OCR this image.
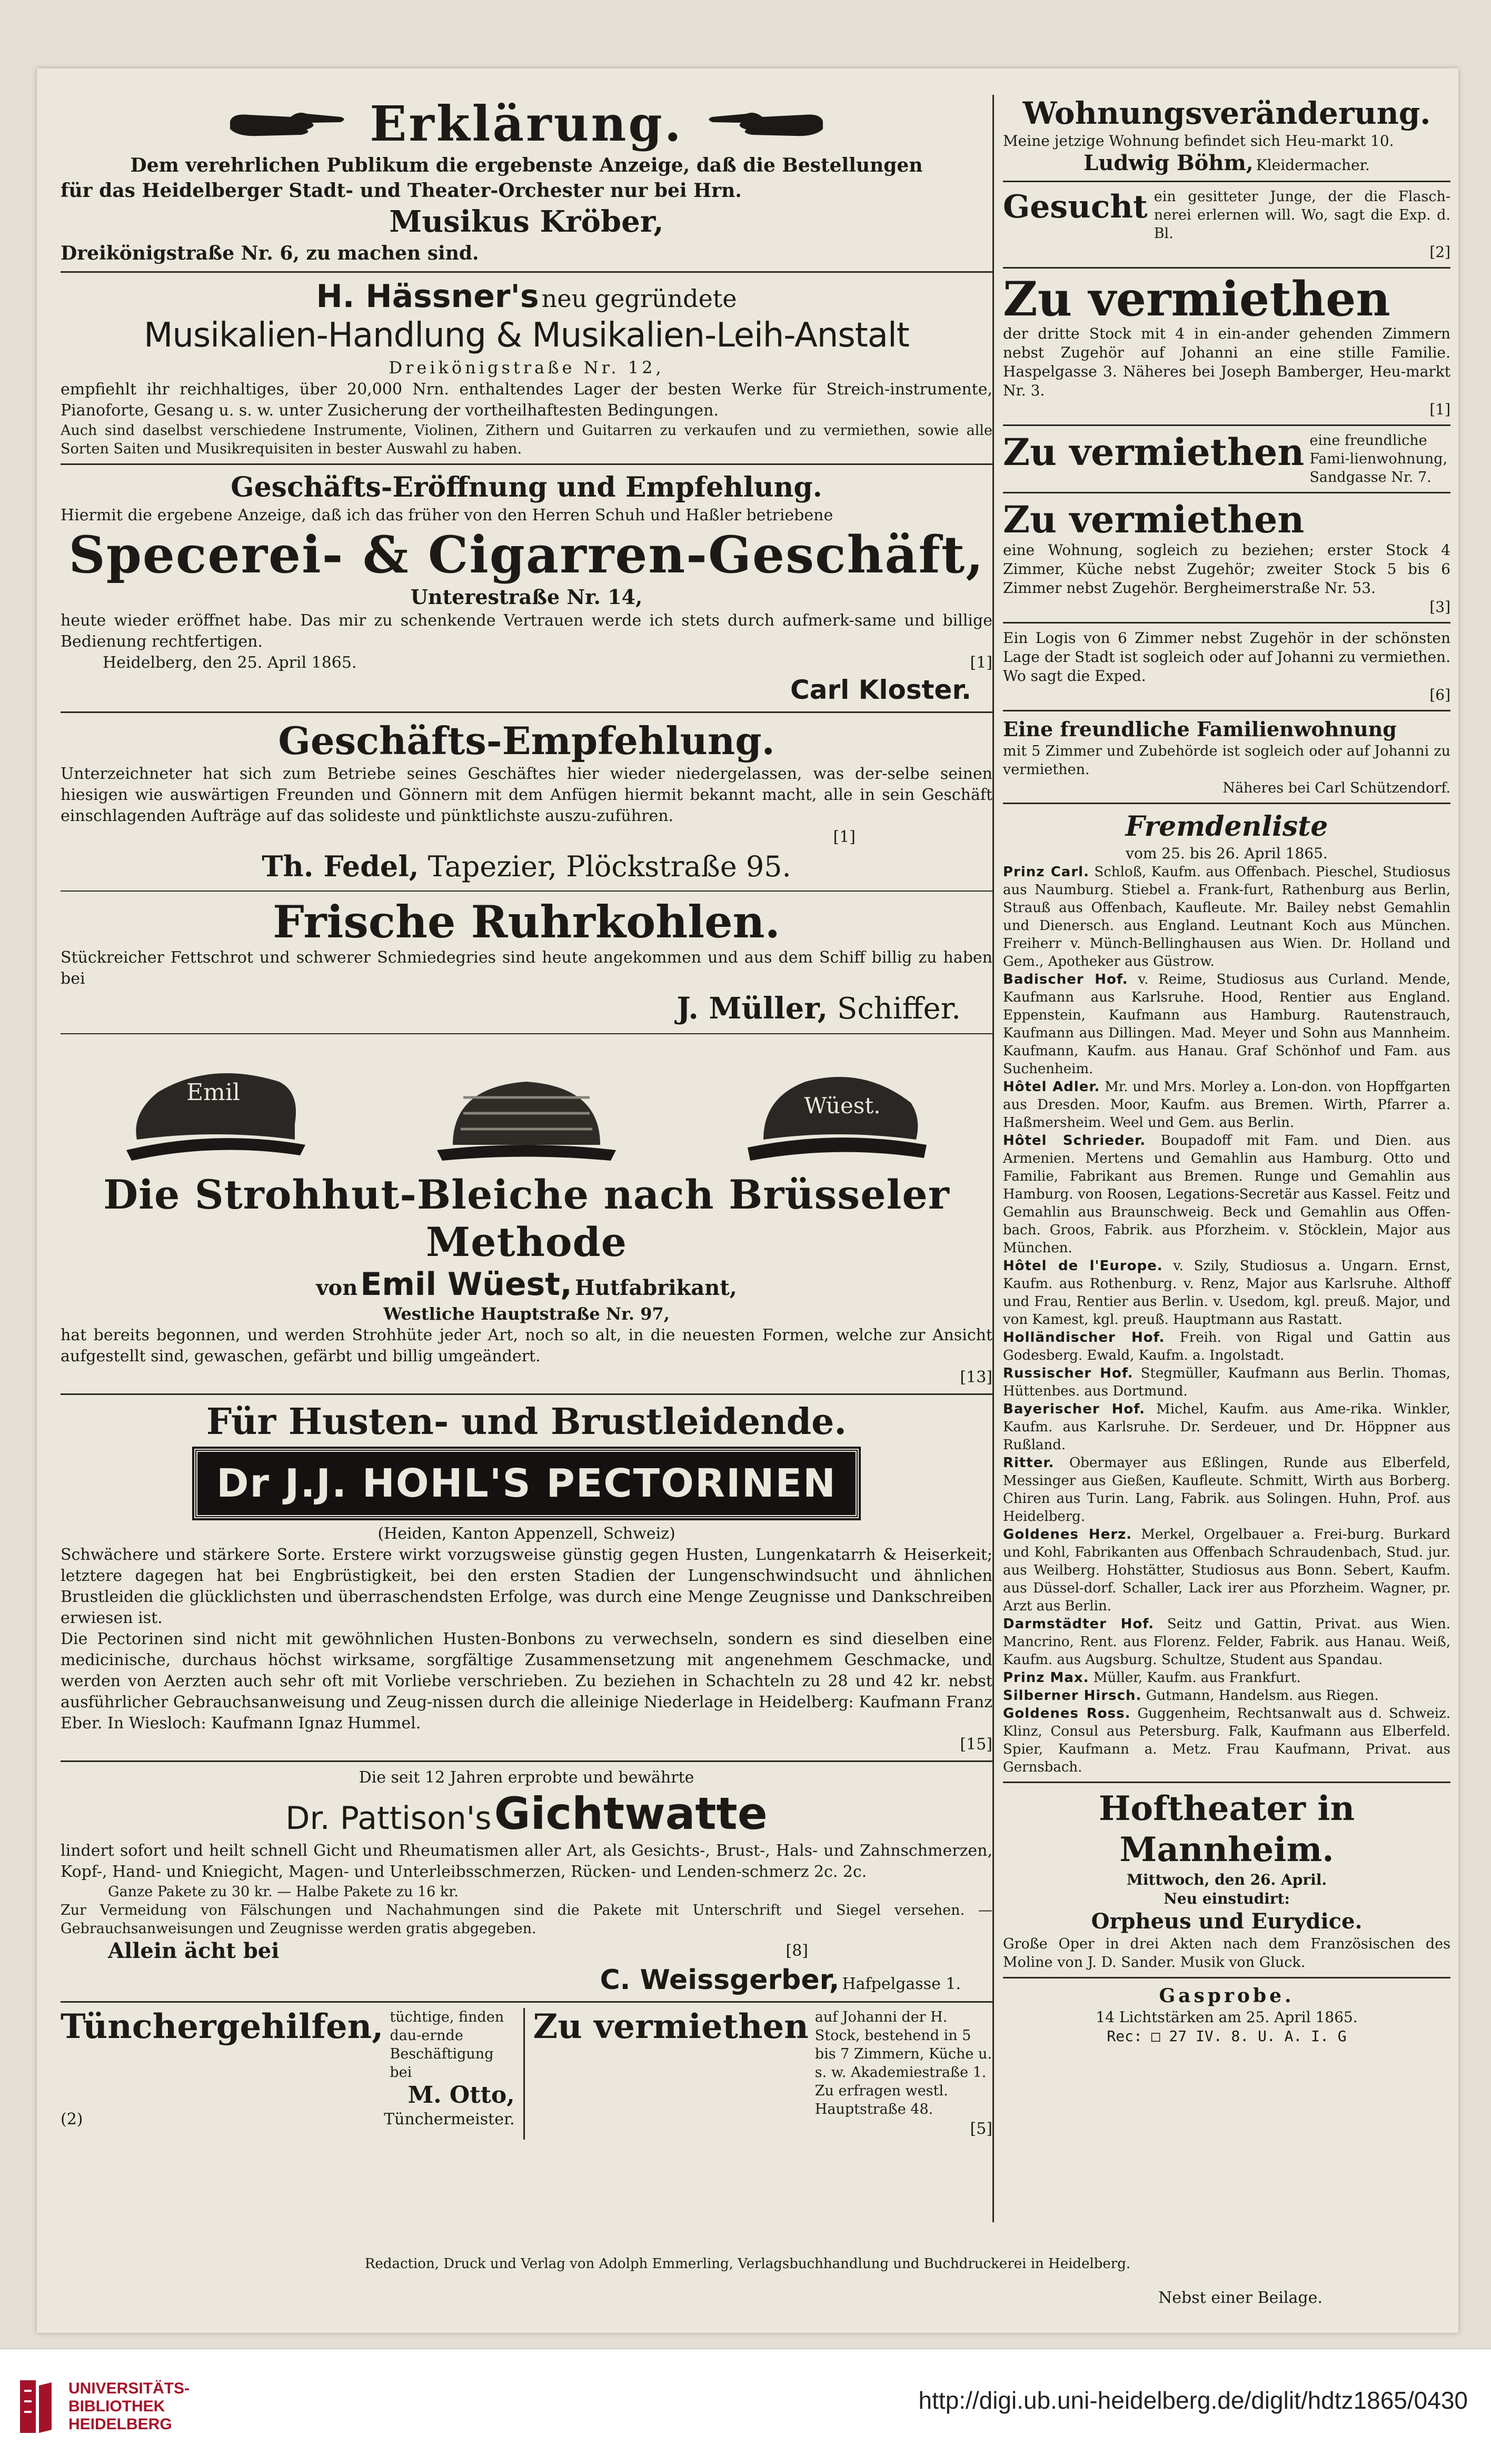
Erklärung.
Dem verehrlichen Publikum die ergebenste Anzeige, daß die Bestellungen
für das Heidelberger Stadt- und Theater-Orchester nur bei Hrn.
Musikus Kröber,
Dreikönigstraße Nr. 6, zu machen sind.
H. Hässner's neu gegründete
Musikalien-Handlung & Musikalien-Leih-Anstalt
Dreikönigstraße Nr. 12,
empfiehlt ihr reichhaltiges, über 20,000 Nrn. enthaltendes Lager der besten Werke für Streich-instrumente, Pianoforte, Gesang u. s. w. unter Zusicherung der vortheilhaftesten Bedingungen.
Auch sind daselbst verschiedene Instrumente, Violinen, Zithern und Guitarren zu verkaufen und zu vermiethen, sowie alle Sorten Saiten und Musikrequisiten in bester Auswahl zu haben.
Geschäfts-Eröffnung und Empfehlung.
Hiermit die ergebene Anzeige, daß ich das früher von den Herren Schuh und Haßler betriebene
Specerei- & Cigarren-Geschäft,
Unterestraße Nr. 14,
heute wieder eröffnet habe. Das mir zu schenkende Vertrauen werde ich stets durch aufmerk-same und billige Bedienung rechtfertigen.
Heidelberg, den 25. April 1865.	[1]
Carl Kloster.
Geschäfts-Empfehlung.
Unterzeichneter hat sich zum Betriebe seines Geschäftes hier wieder niedergelassen, was der-selbe seinen hiesigen wie auswärtigen Freunden und Gönnern mit dem Anfügen hiermit bekannt macht, alle in sein Geschäft einschlagenden Aufträge auf das solideste und pünktlichste auszu-zuführen.
[1]
Th. Fedel, Tapezier, Plöckstraße 95.
Frische Ruhrkohlen.
Stückreicher Fettschrot und schwerer Schmiedegries sind heute angekommen und aus dem Schiff billig zu haben bei
J. Müller, Schiffer.
Emil	Wüest.
Die Strohhut-Bleiche nach Brüsseler Methode
von Emil Wüest, Hutfabrikant,
Westliche Hauptstraße Nr. 97,
hat bereits begonnen, und werden Strohhüte jeder Art, noch so alt, in die neuesten Formen, welche zur Ansicht aufgestellt sind, gewaschen, gefärbt und billig umgeändert.
[13]
Für Husten- und Brustleidende.
Dr J.J. HOHL'S PECTORINEN
(Heiden, Kanton Appenzell, Schweiz)
Schwächere und stärkere Sorte. Erstere wirkt vorzugsweise günstig gegen Husten, Lungenkatarrh & Heiserkeit; letztere dagegen hat bei Engbrüstigkeit, bei den ersten Stadien der Lungenschwindsucht und ähnlichen Brustleiden die glücklichsten und überraschendsten Erfolge, was durch eine Menge Zeugnisse und Dankschreiben erwiesen ist.
Die Pectorinen sind nicht mit gewöhnlichen Husten-Bonbons zu verwechseln, sondern es sind dieselben eine medicinische, durchaus höchst wirksame, sorgfältige Zusammensetzung mit angenehmem Geschmacke, und werden von Aerzten auch sehr oft mit Vorliebe verschrieben. Zu beziehen in Schachteln zu 28 und 42 kr. nebst ausführlicher Gebrauchsanweisung und Zeug-nissen durch die alleinige Niederlage in Heidelberg: Kaufmann Franz Eber. In Wiesloch: Kaufmann Ignaz Hummel.
[15]
Die seit 12 Jahren erprobte und bewährte
Dr. Pattison's Gichtwatte
lindert sofort und heilt schnell Gicht und Rheumatismen aller Art, als Gesichts-, Brust-, Hals- und Zahnschmerzen, Kopf-, Hand- und Kniegicht, Magen- und Unterleibsschmerzen, Rücken- und Lenden-schmerz 2c. 2c.
Ganze Pakete zu 30 kr. — Halbe Pakete zu 16 kr.
Zur Vermeidung von Fälschungen und Nachahmungen sind die Pakete mit Unterschrift und Siegel versehen. — Gebrauchsanweisungen und Zeugnisse werden gratis abgegeben.
Allein ächt bei	[8]
C. Weissgerber, Hafpelgasse 1.
Tünchergehilfen, tüchtige, finden dau-ernde Beschäftigung bei
M. Otto,
(2)	Tünchermeister.
Zu vermiethen auf Johanni der H. Stock, bestehend in 5 bis 7 Zimmern, Küche u. s. w. Akademiestraße 1. Zu erfragen westl. Hauptstraße 48.
[5]
Wohnungsveränderung.
Meine jetzige Wohnung befindet sich Heu-markt 10.
Ludwig Böhm, Kleidermacher.
Gesucht ein gesitteter Junge, der die Flasch-nerei erlernen will. Wo, sagt die Exp. d. Bl.
[2]
Zu vermiethen
der dritte Stock mit 4 in ein-ander gehenden Zimmern nebst Zugehör auf Johanni an eine stille Familie. Haspelgasse 3. Näheres bei Joseph Bamberger, Heu-markt Nr. 3.
[1]
Zu vermiethen eine freundliche Fami-lienwohnung, Sandgasse Nr. 7.
Zu vermiethen
eine Wohnung, sogleich zu beziehen; erster Stock 4 Zimmer, Küche nebst Zugehör; zweiter Stock 5 bis 6 Zimmer nebst Zugehör. Bergheimerstraße Nr. 53.
[3]
Ein Logis von 6 Zimmer nebst Zugehör in der schönsten Lage der Stadt ist sogleich oder auf Johanni zu vermiethen. Wo sagt die Exped.
[6]
Eine freundliche Familienwohnung
mit 5 Zimmer und Zubehörde ist sogleich oder auf Johanni zu vermiethen.
Näheres bei Carl Schützendorf.
Fremdenliste
vom 25. bis 26. April 1865.
Prinz Carl. Schloß, Kaufm. aus Offenbach. Pieschel, Studiosus aus Naumburg. Stiebel a. Frank-furt, Rathenburg aus Berlin, Strauß aus Offenbach, Kaufleute. Mr. Bailey nebst Gemahlin und Dienersch. aus England. Leutnant Koch aus München. Freiherr v. Münch-Bellinghausen aus Wien. Dr. Holland und Gem., Apotheker aus Güstrow.
Badischer Hof. v. Reime, Studiosus aus Curland. Mende, Kaufmann aus Karlsruhe. Hood, Rentier aus England. Eppenstein, Kaufmann aus Hamburg. Rautenstrauch, Kaufmann aus Dillingen. Mad. Meyer und Sohn aus Mannheim. Kaufmann, Kaufm. aus Hanau. Graf Schönhof und Fam. aus Suchenheim.
Hôtel Adler. Mr. und Mrs. Morley a. Lon-don. von Hopffgarten aus Dresden. Moor, Kaufm. aus Bremen. Wirth, Pfarrer a. Haßmersheim. Weel und Gem. aus Berlin.
Hôtel Schrieder. Boupadoff mit Fam. und Dien. aus Armenien. Mertens und Gemahlin aus Hamburg. Otto und Familie, Fabrikant aus Bremen. Runge und Gemahlin aus Hamburg. von Roosen, Legations-Secretär aus Kassel. Feitz und Gemahlin aus Braunschweig. Beck und Gemahlin aus Offen-bach. Groos, Fabrik. aus Pforzheim. v. Stöcklein, Major aus München.
Hôtel de l'Europe. v. Szily, Studiosus a. Ungarn. Ernst, Kaufm. aus Rothenburg. v. Renz, Major aus Karlsruhe. Althoff und Frau, Rentier aus Berlin. v. Usedom, kgl. preuß. Major, und von Kamest, kgl. preuß. Hauptmann aus Rastatt.
Holländischer Hof. Freih. von Rigal und Gattin aus Godesberg. Ewald, Kaufm. a. Ingolstadt.
Russischer Hof. Stegmüller, Kaufmann aus Berlin. Thomas, Hüttenbes. aus Dortmund.
Bayerischer Hof. Michel, Kaufm. aus Ame-rika. Winkler, Kaufm. aus Karlsruhe. Dr. Serdeuer, und Dr. Höppner aus Rußland.
Ritter. Obermayer aus Eßlingen, Runde aus Elberfeld, Messinger aus Gießen, Kaufleute. Schmitt, Wirth aus Borberg. Chiren aus Turin. Lang, Fabrik. aus Solingen. Huhn, Prof. aus Heidelberg.
Goldenes Herz. Merkel, Orgelbauer a. Frei-burg. Burkard und Kohl, Fabrikanten aus Offenbach Schraudenbach, Stud. jur. aus Weilberg. Hohstätter, Studiosus aus Bonn. Sebert, Kaufm. aus Düssel-dorf. Schaller, Lack irer aus Pforzheim. Wagner, pr. Arzt aus Berlin.
Darmstädter Hof. Seitz und Gattin, Privat. aus Wien. Mancrino, Rent. aus Florenz. Felder, Fabrik. aus Hanau. Weiß, Kaufm. aus Augsburg. Schultze, Student aus Spandau.
Prinz Max. Müller, Kaufm. aus Frankfurt.
Silberner Hirsch. Gutmann, Handelsm. aus Riegen.
Goldenes Ross. Guggenheim, Rechtsanwalt aus d. Schweiz. Klinz, Consul aus Petersburg. Falk, Kaufmann aus Elberfeld. Spier, Kaufmann a. Metz. Frau Kaufmann, Privat. aus Gernsbach.
Hoftheater in Mannheim.
Mittwoch, den 26. April.
Neu einstudirt:
Orpheus und Eurydice.
Große Oper in drei Akten nach dem Französischen des Moline von J. D. Sander. Musik von Gluck.
Gasprobe.
14 Lichtstärken am 25. April 1865.
Rec: □ 27 IV. 8. U. A. I. G
Redaction, Druck und Verlag von Adolph Emmerling, Verlagsbuchhandlung und Buchdruckerei in Heidelberg.
Nebst einer Beilage.
UNIVERSITÄTS-
BIBLIOTHEK
HEIDELBERG
http://digi.ub.uni-heidelberg.de/diglit/hdtz1865/0430
